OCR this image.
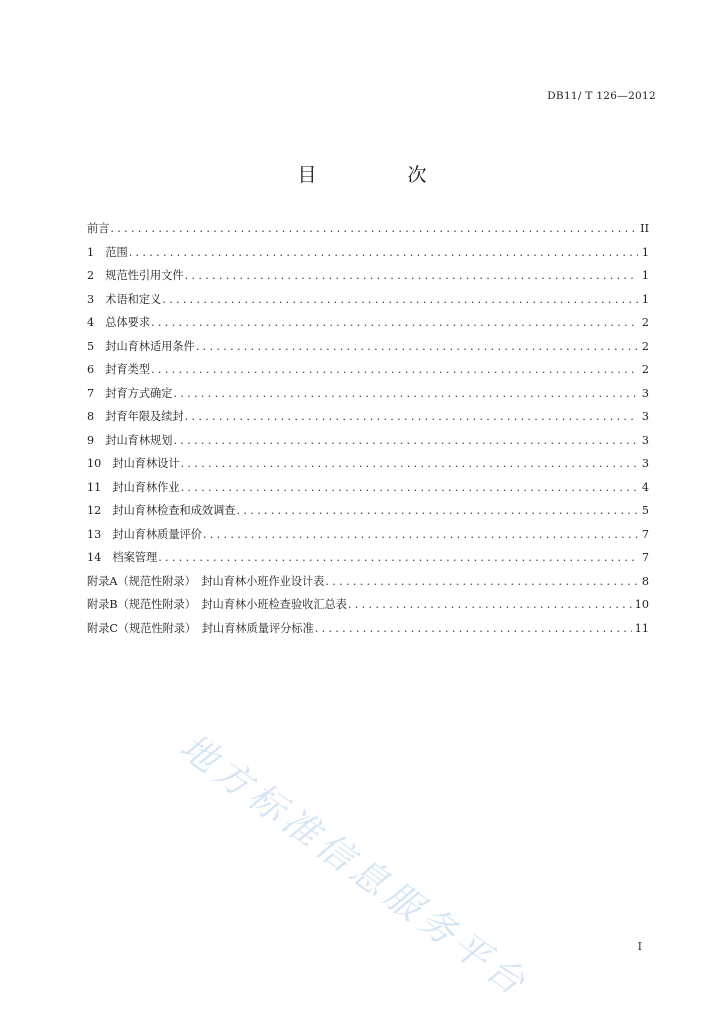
DB11/ T 126—2012
目　次
前言 .....	II
1　范围 .....	1
2　规范性引用文件 .....	1
3　术语和定义 .....	1
4　总体要求 .....	2
5　封山育林适用条件 .....	2
6　封育类型 .....	2
7　封育方式确定 .....	3
8　封育年限及续封 .....	3
9　封山育林规划 .....	3
10　封山育林设计 .....	3
11　封山育林作业 .....	4
12　封山育林检查和成效调查 .....	5
13　封山育林质量评价 .....	7
14　档案管理 .....	7
附录A（规范性附录）　封山育林小班作业设计表 .....	8
附录B（规范性附录）　封山育林小班检查验收汇总表 .....	10
附录C（规范性附录）　封山育林质量评分标准 .....	11
地方标准信息服务平台	I
